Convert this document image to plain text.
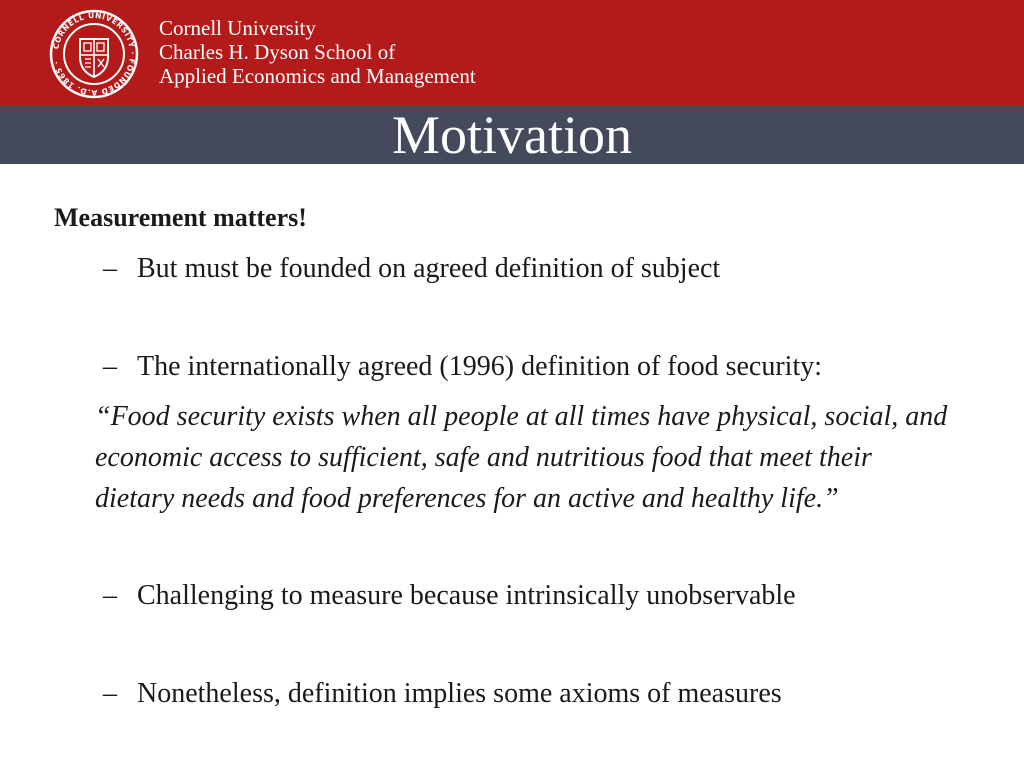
CORNELL UNIVERSITY · FOUNDED A.D. 1865 ·
Cornell University
Charles H. Dyson School of
Applied Economics and Management
Motivation
Measurement matters!
– But must be founded on agreed definition of subject
– The internationally agreed (1996) definition of food security:
“Food security exists when all people at all times have physical, social, and economic access to sufficient, safe and nutritious food that meet their dietary needs and food preferences for an active and healthy life.”
– Challenging to measure because intrinsically unobservable
– Nonetheless, definition implies some axioms of measures
